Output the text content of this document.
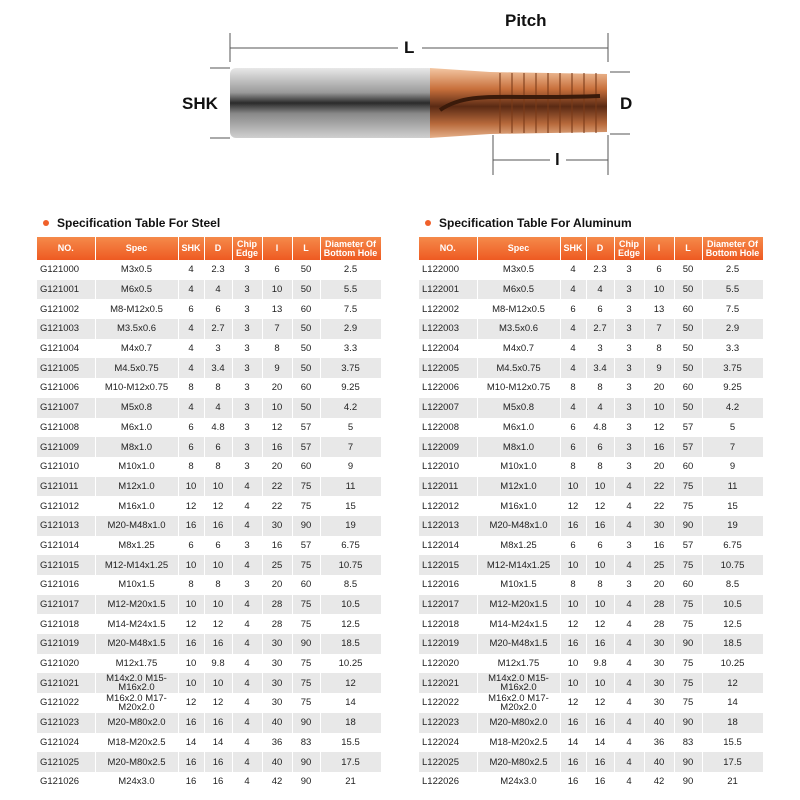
L
Pitch
SHK	D
l
Specification Table For Steel	Specification Table For Aluminum
NO.	Spec	SHK	D	Chip Edge	l	L	Diameter Of Bottom Hole
G121000	M3x0.5	4	2.3	3	6	50	2.5
G121001	M6x0.5	4	4	3	10	50	5.5
G121002	M8-M12x0.5	6	6	3	13	60	7.5
G121003	M3.5x0.6	4	2.7	3	7	50	2.9
G121004	M4x0.7	4	3	3	8	50	3.3
G121005	M4.5x0.75	4	3.4	3	9	50	3.75
G121006	M10-M12x0.75	8	8	3	20	60	9.25
G121007	M5x0.8	4	4	3	10	50	4.2
G121008	M6x1.0	6	4.8	3	12	57	5
G121009	M8x1.0	6	6	3	16	57	7
G121010	M10x1.0	8	8	3	20	60	9
G121011	M12x1.0	10	10	4	22	75	11
G121012	M16x1.0	12	12	4	22	75	15
G121013	M20-M48x1.0	16	16	4	30	90	19
G121014	M8x1.25	6	6	3	16	57	6.75
G121015	M12-M14x1.25	10	10	4	25	75	10.75
G121016	M10x1.5	8	8	3	20	60	8.5
G121017	M12-M20x1.5	10	10	4	28	75	10.5
G121018	M14-M24x1.5	12	12	4	28	75	12.5
G121019	M20-M48x1.5	16	16	4	30	90	18.5
G121020	M12x1.75	10	9.8	4	30	75	10.25
G121021	M14x2.0 M15-M16x2.0	10	10	4	30	75	12
G121022	M16x2.0 M17-M20x2.0	12	12	4	30	75	14
G121023	M20-M80x2.0	16	16	4	40	90	18
G121024	M18-M20x2.5	14	14	4	36	83	15.5
G121025	M20-M80x2.5	16	16	4	40	90	17.5
G121026	M24x3.0	16	16	4	42	90	21
NO.	Spec	SHK	D	Chip Edge	l	L	Diameter Of Bottom Hole
L122000	M3x0.5	4	2.3	3	6	50	2.5
L122001	M6x0.5	4	4	3	10	50	5.5
L122002	M8-M12x0.5	6	6	3	13	60	7.5
L122003	M3.5x0.6	4	2.7	3	7	50	2.9
L122004	M4x0.7	4	3	3	8	50	3.3
L122005	M4.5x0.75	4	3.4	3	9	50	3.75
L122006	M10-M12x0.75	8	8	3	20	60	9.25
L122007	M5x0.8	4	4	3	10	50	4.2
L122008	M6x1.0	6	4.8	3	12	57	5
L122009	M8x1.0	6	6	3	16	57	7
L122010	M10x1.0	8	8	3	20	60	9
L122011	M12x1.0	10	10	4	22	75	11
L122012	M16x1.0	12	12	4	22	75	15
L122013	M20-M48x1.0	16	16	4	30	90	19
L122014	M8x1.25	6	6	3	16	57	6.75
L122015	M12-M14x1.25	10	10	4	25	75	10.75
L122016	M10x1.5	8	8	3	20	60	8.5
L122017	M12-M20x1.5	10	10	4	28	75	10.5
L122018	M14-M24x1.5	12	12	4	28	75	12.5
L122019	M20-M48x1.5	16	16	4	30	90	18.5
L122020	M12x1.75	10	9.8	4	30	75	10.25
L122021	M14x2.0 M15-M16x2.0	10	10	4	30	75	12
L122022	M16x2.0 M17-M20x2.0	12	12	4	30	75	14
L122023	M20-M80x2.0	16	16	4	40	90	18
L122024	M18-M20x2.5	14	14	4	36	83	15.5
L122025	M20-M80x2.5	16	16	4	40	90	17.5
L122026	M24x3.0	16	16	4	42	90	21
